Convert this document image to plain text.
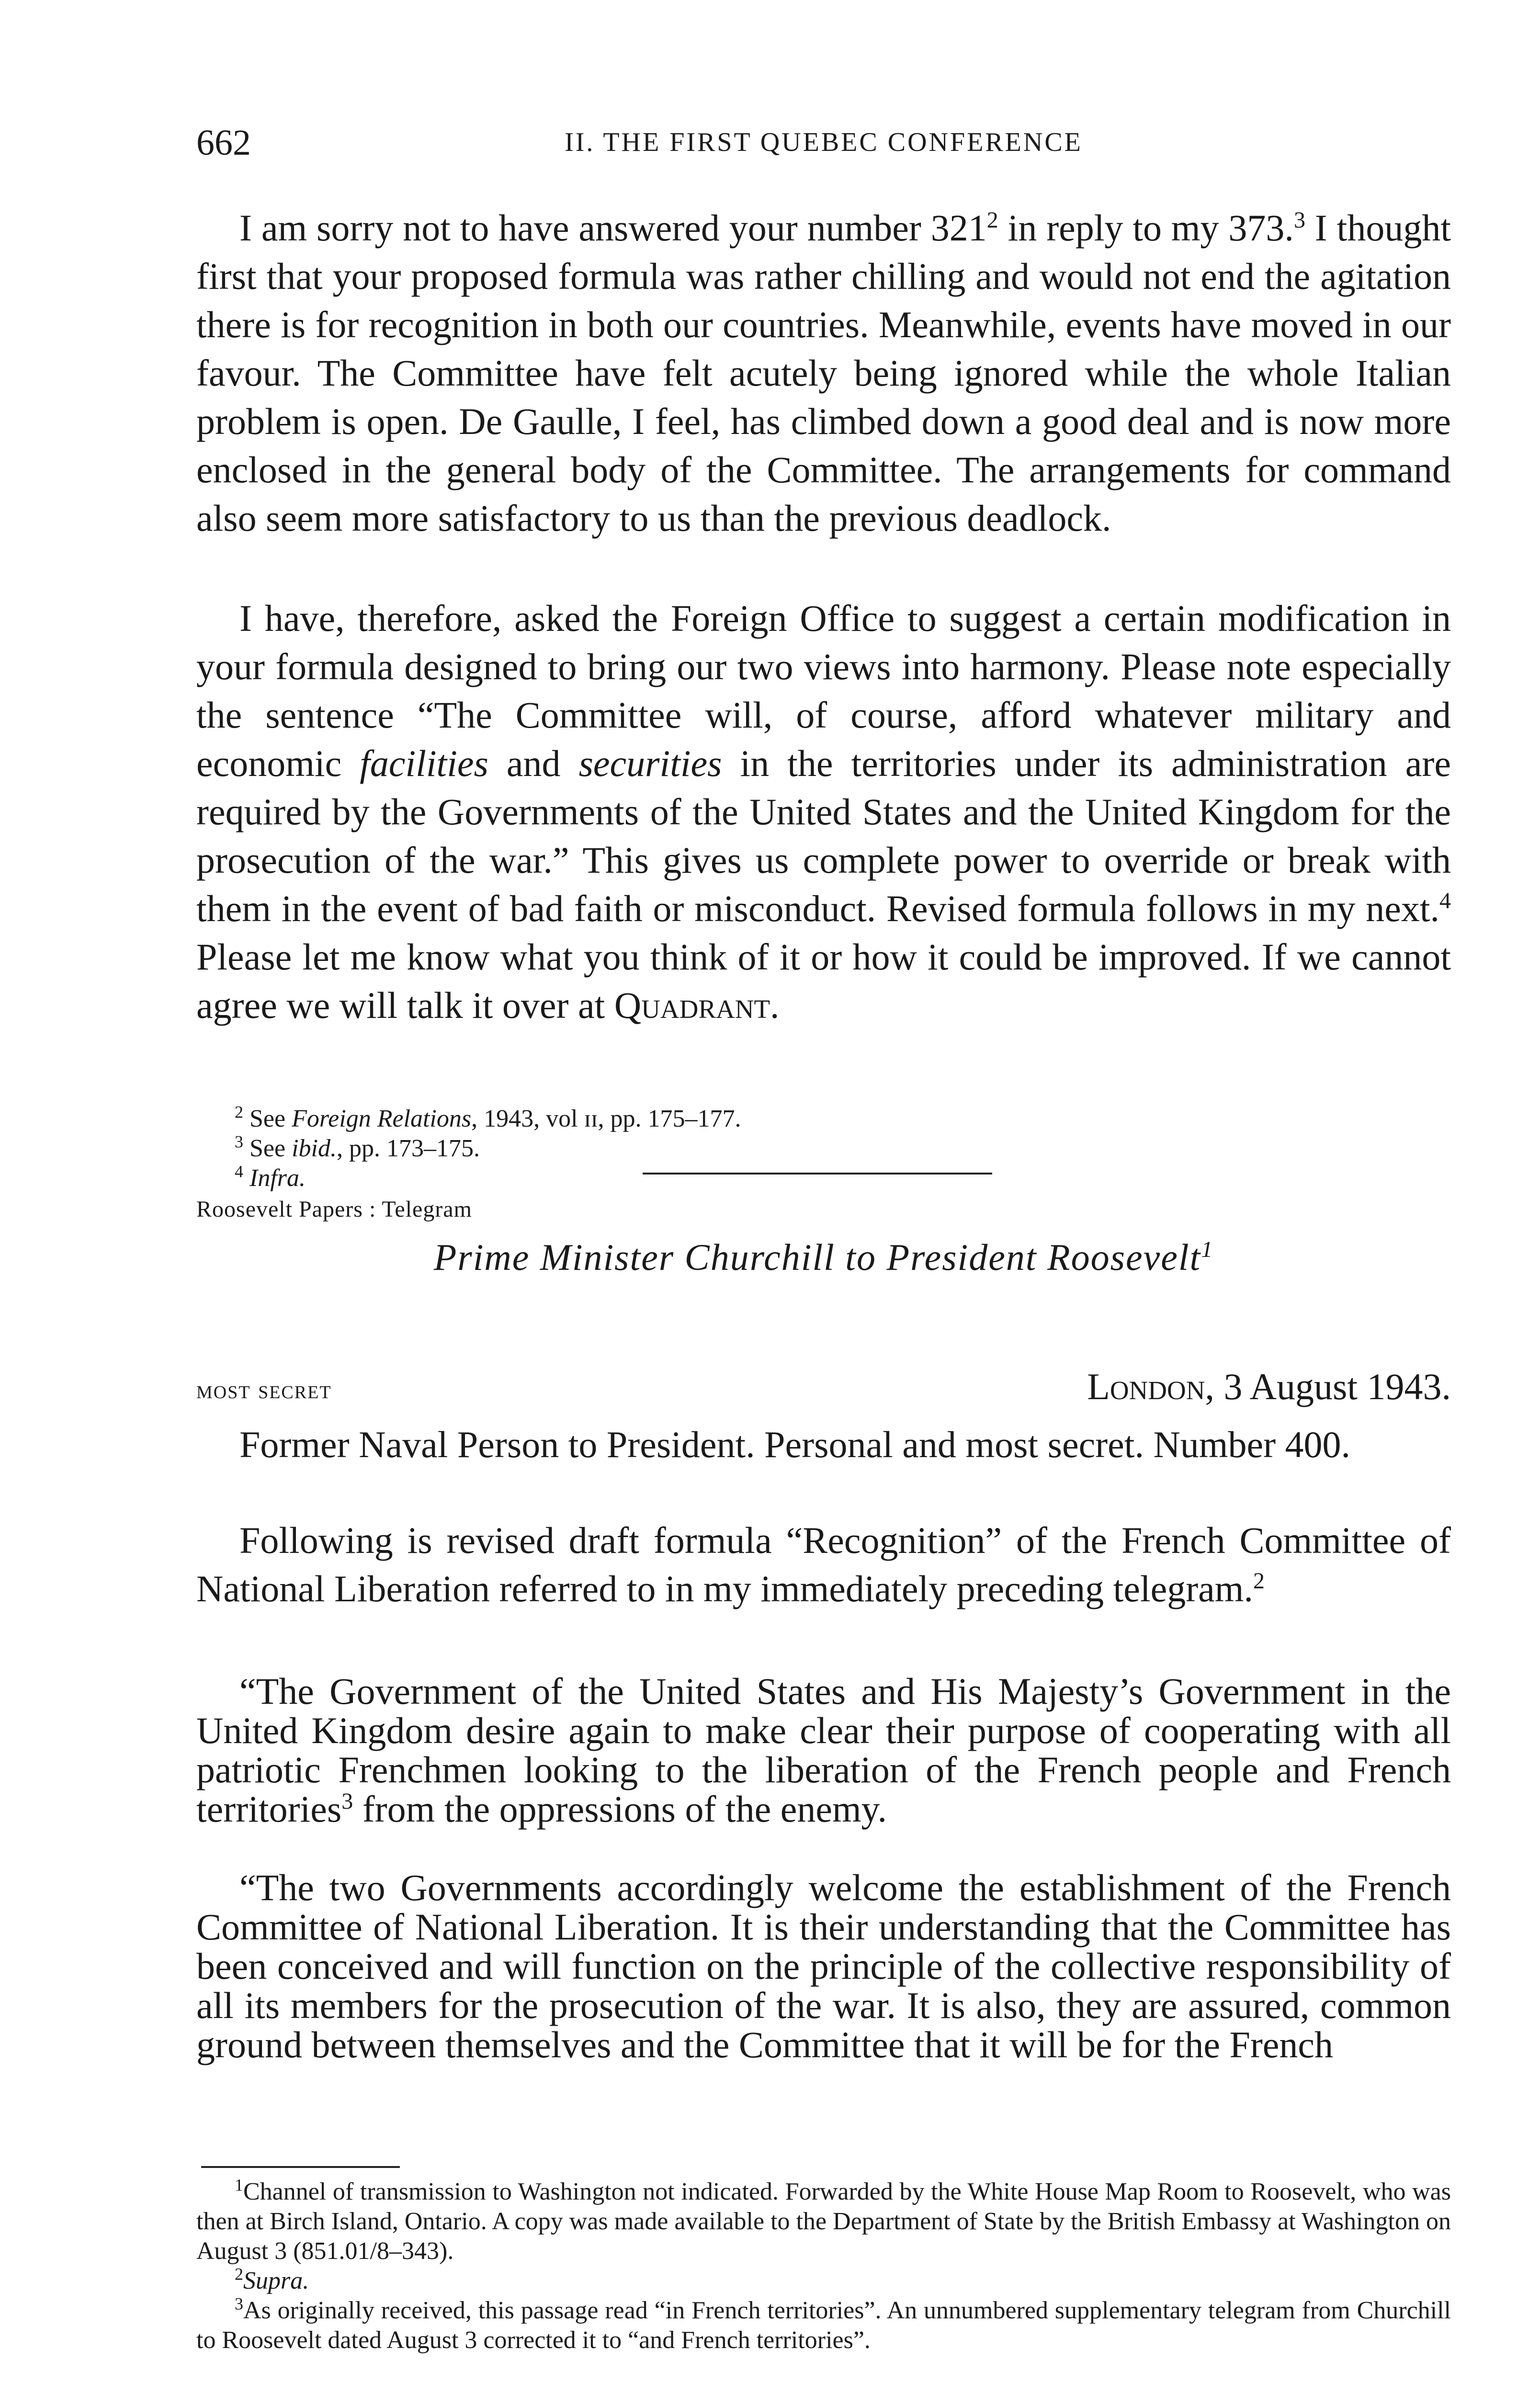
662	II. THE FIRST QUEBEC CONFERENCE

I am sorry not to have answered your number $321^2$ in reply to my 373.$^3$ I thought first that your proposed formula was rather chilling and would not end the agitation there is for recognition in both our countries. Meanwhile, events have moved in our favour. The Committee have felt acutely being ignored while the whole Italian problem is open. De Gaulle, I feel, has climbed down a good deal and is now more enclosed in the general body of the Committee. The arrangements for command also seem more satisfactory to us than the previous deadlock.

I have, therefore, asked the Foreign Office to suggest a certain modification in your formula designed to bring our two views into harmony. Please note especially the sentence “The Committee will, of course, afford whatever military and economic facilities and securities in the territories under its administration are required by the Governments of the United States and the United Kingdom for the prosecution of the war.” This gives us complete power to override or break with them in the event of bad faith or misconduct. Revised formula follows in my next.$^4$ Please let me know what you think of it or how it could be improved. If we cannot agree we will talk it over at Quadrant.

$^2$ See Foreign Relations, 1943, vol ɪɪ, pp. 175–177.

$^3$ See ibid., pp. 173–175.

$^4$ Infra.

Roosevelt Papers : Telegram
Prime Minister Churchill to President Roosevelt$^1$
most secret	London, 3 August 1943.

Former Naval Person to President. Personal and most secret. Number 400.

Following is revised draft formula “Recognition” of the French Committee of National Liberation referred to in my immediately preceding telegram.$^2$

“The Government of the United States and His Majesty’s Government in the United Kingdom desire again to make clear their purpose of cooperating with all patriotic Frenchmen looking to the liberation of the French people and French territories$^3$ from the oppressions of the enemy.

“The two Governments accordingly welcome the establishment of the French Committee of National Liberation. It is their understanding that the Committee has been conceived and will function on the principle of the collective responsibility of all its members for the prosecution of the war. It is also, they are assured, common ground between themselves and the Committee that it will be for the French

$^1$Channel of transmission to Washington not indicated. Forwarded by the White House Map Room to Roosevelt, who was then at Birch Island, Ontario. A copy was made available to the Department of State by the British Embassy at Washington on August 3 (851.01/8–343).

$^2$Supra.

$^3$As originally received, this passage read “in French territories”. An unnumbered supplementary telegram from Churchill to Roosevelt dated August 3 corrected it to “and French territories”.
